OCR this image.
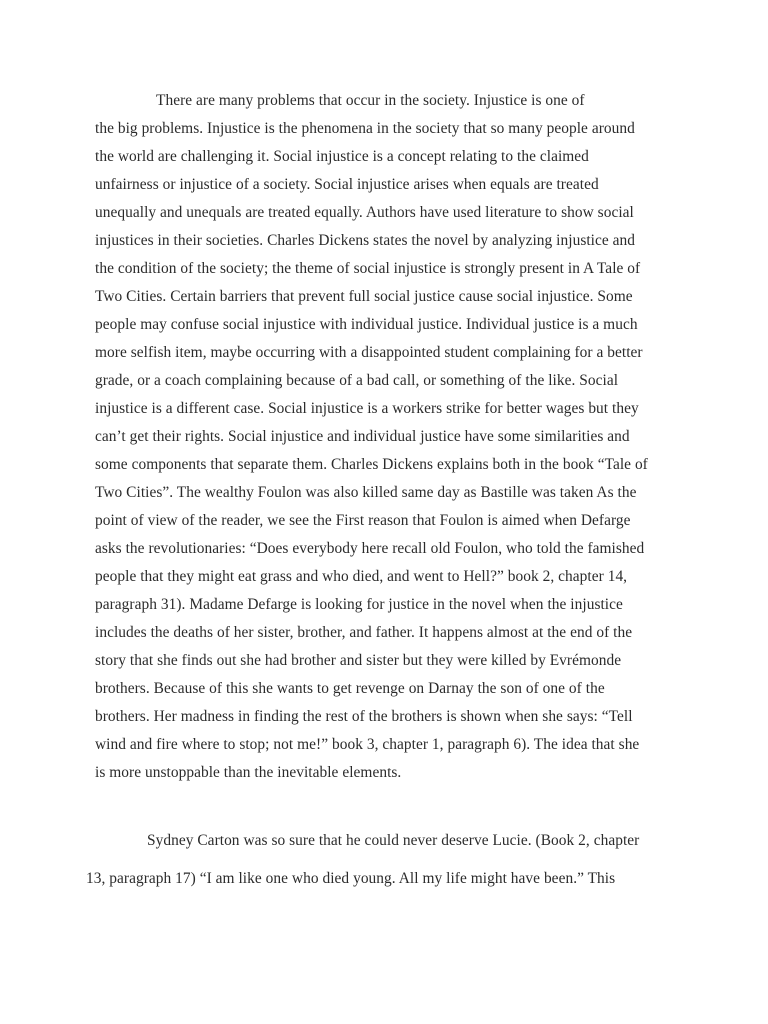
There are many problems that occur in the society. Injustice is one of
the big problems. Injustice is the phenomena in the society that so many people around
the world are challenging it. Social injustice is a concept relating to the claimed
unfairness or injustice of a society. Social injustice arises when equals are treated
unequally and unequals are treated equally. Authors have used literature to show social
injustices in their societies. Charles Dickens states the novel by analyzing injustice and
the condition of the society; the theme of social injustice is strongly present in A Tale of
Two Cities. Certain barriers that prevent full social justice cause social injustice. Some
people may confuse social injustice with individual justice. Individual justice is a much
more selfish item, maybe occurring with a disappointed student complaining for a better
grade, or a coach complaining because of a bad call, or something of the like. Social
injustice is a different case. Social injustice is a workers strike for better wages but they
can’t get their rights. Social injustice and individual justice have some similarities and
some components that separate them. Charles Dickens explains both in the book “Tale of
Two Cities”. The wealthy Foulon was also killed same day as Bastille was taken As the
point of view of the reader, we see the First reason that Foulon is aimed when Defarge
asks the revolutionaries: “Does everybody here recall old Foulon, who told the famished
people that they might eat grass and who died, and went to Hell?” book 2, chapter 14,
paragraph 31). Madame Defarge is looking for justice in the novel when the injustice
includes the deaths of her sister, brother, and father. It happens almost at the end of the
story that she finds out she had brother and sister but they were killed by Evrémonde
brothers. Because of this she wants to get revenge on Darnay the son of one of the
brothers. Her madness in finding the rest of the brothers is shown when she says: “Tell
wind and fire where to stop; not me!” book 3, chapter 1, paragraph 6). The idea that she
is more unstoppable than the inevitable elements.
Sydney Carton was so sure that he could never deserve Lucie. (Book 2, chapter
13, paragraph 17) “I am like one who died young. All my life might have been.” This
